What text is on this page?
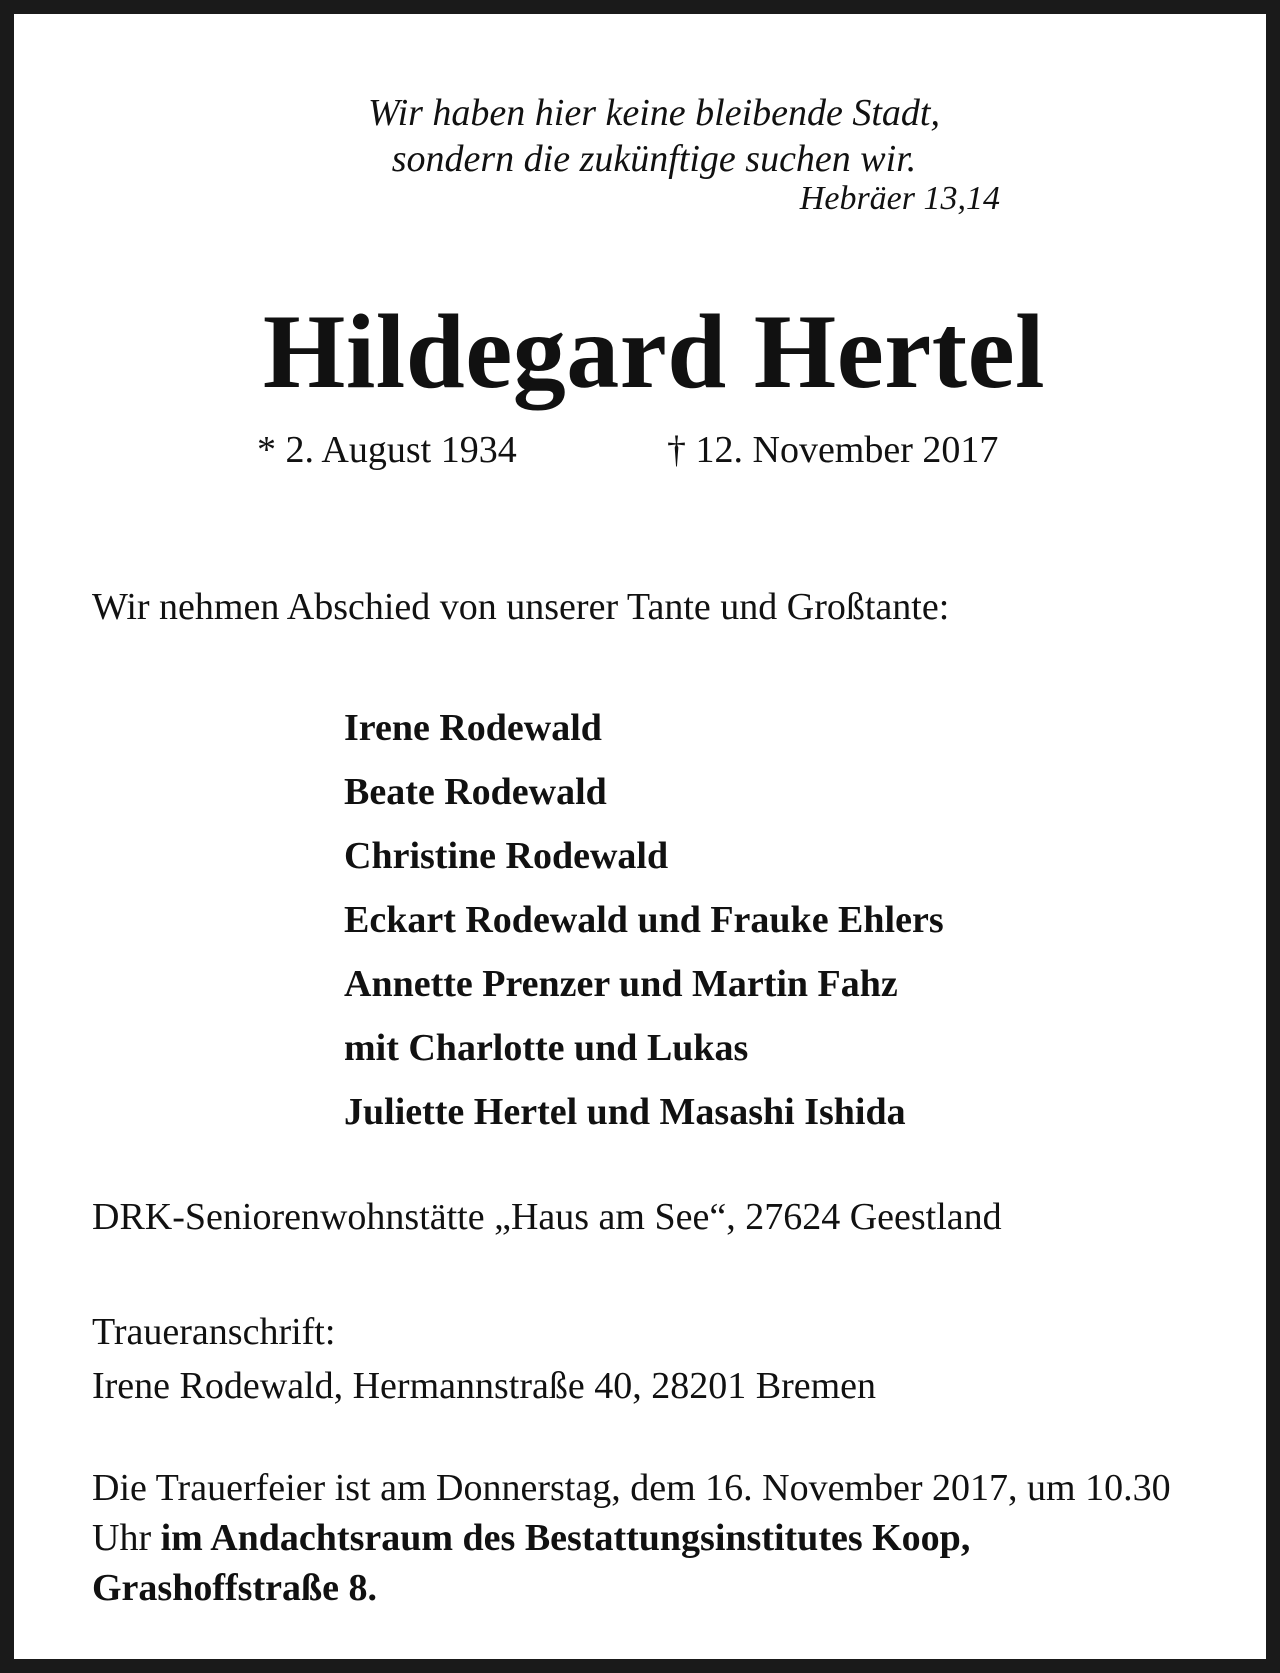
Wir haben hier keine bleibende Stadt,
sondern die zukünftige suchen wir.
Hebräer 13,14
Hildegard Hertel
* 2. August 1934	† 12. November 2017
Wir nehmen Abschied von unserer Tante und Großtante:
Irene Rodewald
Beate Rodewald
Christine Rodewald
Eckart Rodewald und Frauke Ehlers
Annette Prenzer und Martin Fahz
mit Charlotte und Lukas
Juliette Hertel und Masashi Ishida
DRK-Seniorenwohnstätte „Haus am See“, 27624 Geestland
Traueranschrift:
Irene Rodewald, Hermannstraße 40, 28201 Bremen
Die Trauerfeier ist am Donnerstag, dem 16. November 2017, um 10.30 Uhr im Andachtsraum des Bestattungsinstitutes Koop, Grashoffstraße 8.
